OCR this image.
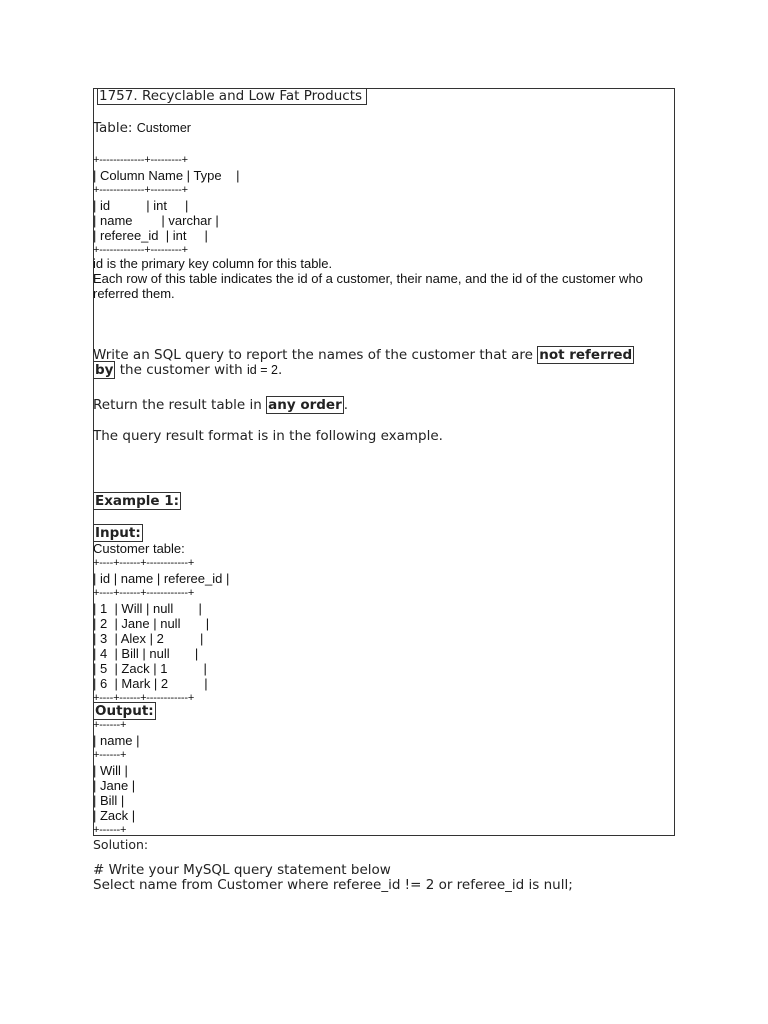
1757. Recyclable and Low Fat Products
Table: Customer
+-------------+---------+
| Column Name | Type    |
+-------------+---------+
| id          | int     |
| name        | varchar |
| referee_id  | int     |
+-------------+---------+
id is the primary key column for this table.
Each row of this table indicates the id of a customer, their name, and the id of the customer who
referred them.
Write an SQL query to report the names of the customer that are not referred
by the customer with id = 2.
Return the result table in any order .
The query result format is in the following example.
Example 1:
Input:
Customer table:
+----+------+------------+
| id | name | referee_id |
+----+------+------------+
| 1  | Will | null       |
| 2  | Jane | null       |
| 3  | Alex | 2          |
| 4  | Bill | null       |
| 5  | Zack | 1          |
| 6  | Mark | 2          |
+----+------+------------+
Output:
+------+
| name |
+------+
| Will |
| Jane |
| Bill |
| Zack |
+------+
Solution:
# Write your MySQL query statement below
Select name from Customer where referee_id != 2 or referee_id is null;
